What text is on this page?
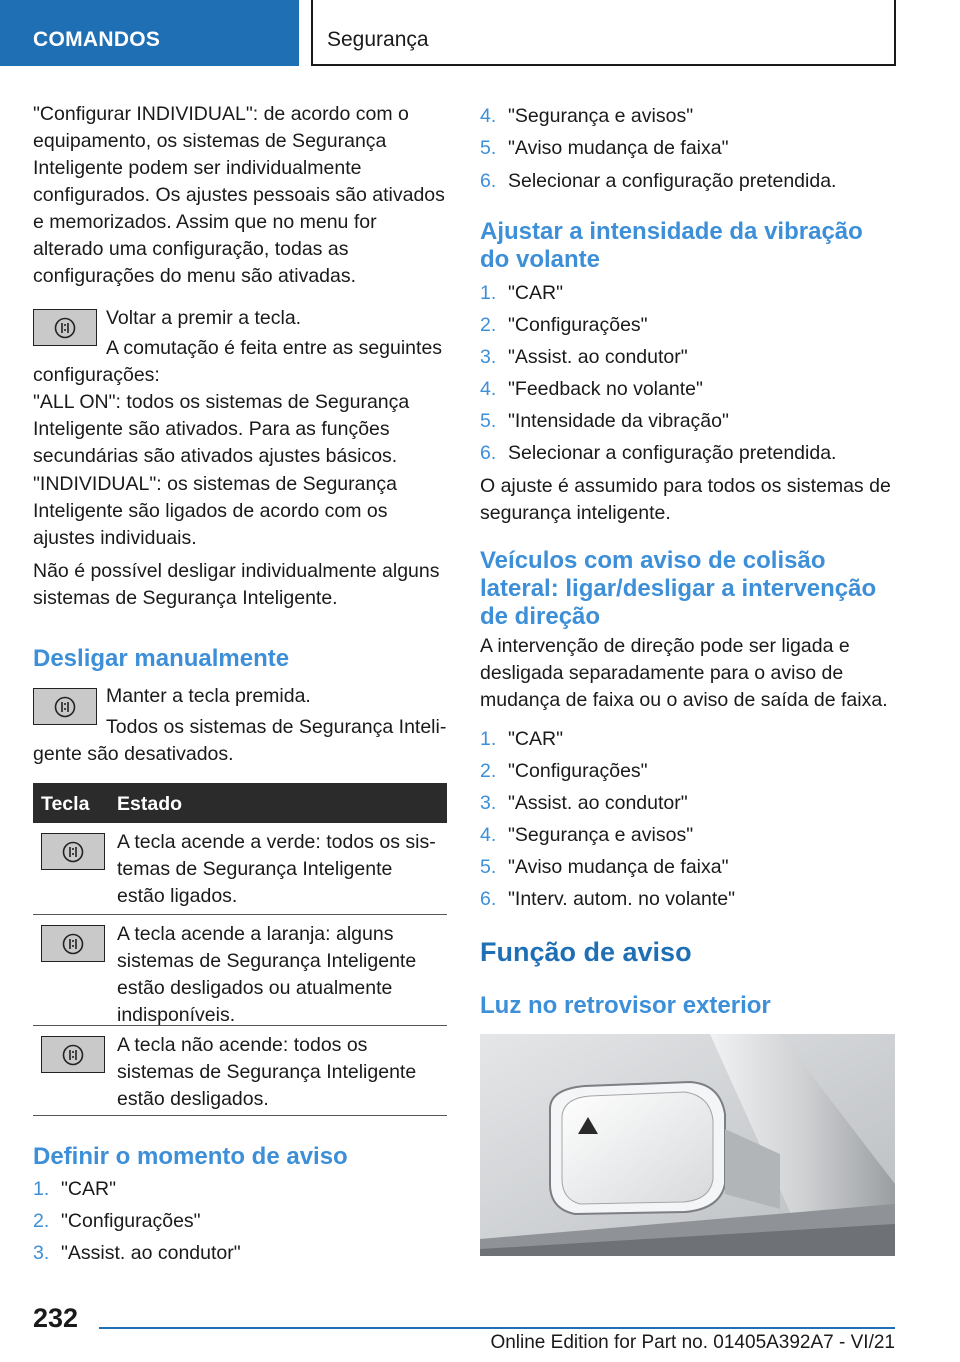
COMANDOS	Segurança

"Configurar INDIVIDUAL": de acordo com o equipamento, os sistemas de Segurança Inteligente podem ser individualmente configurados. Os ajustes pessoais são ativados e memorizados. Assim que no menu for alterado uma configuração, todas as configurações do menu são ativadas.

Voltar a premir a tecla.

A comutação é feita entre as seguintes configurações:

"ALL ON": todos os sistemas de Segurança Inteligente são ativados. Para as funções secundárias são ativados ajustes básicos.

"INDIVIDUAL": os sistemas de Segurança Inteligente são ligados de acordo com os ajustes individuais.

Não é possível desligar individualmente alguns sistemas de Segurança Inteligente.

Desligar manualmente

Manter a tecla premida.

Todos os sistemas de Segurança Inteligente são desativados.

Tecla Estado
A tecla acende a verde: todos os sistemas de Segurança Inteligente estão ligados.
A tecla acende a laranja: alguns sistemas de Segurança Inteligente estão desligados ou atualmente indisponíveis.
A tecla não acende: todos os sistemas de Segurança Inteligente estão desligados.
Definir o momento de aviso
1. "CAR"
2. "Configurações"
3. "Assist. ao condutor"
4. "Segurança e avisos"
5. "Aviso mudança de faixa"
6. Selecionar a configuração pretendida.
Ajustar a intensidade da vibração do volante
1. "CAR"
2. "Configurações"
3. "Assist. ao condutor"
4. "Feedback no volante"
5. "Intensidade da vibração"
6. Selecionar a configuração pretendida.

O ajuste é assumido para todos os sistemas de segurança inteligente.

Veículos com aviso de colisão lateral: ligar/desligar a intervenção de direção

A intervenção de direção pode ser ligada e desligada separadamente para o aviso de mudança de faixa ou o aviso de saída de faixa.

1. "CAR"
2. "Configurações"
3. "Assist. ao condutor"
4. "Segurança e avisos"
5. "Aviso mudança de faixa"
6. "Interv. autom. no volante"
Função de aviso
Luz no retrovisor exterior
232
Online Edition for Part no. 01405A392A7 - VI/21
